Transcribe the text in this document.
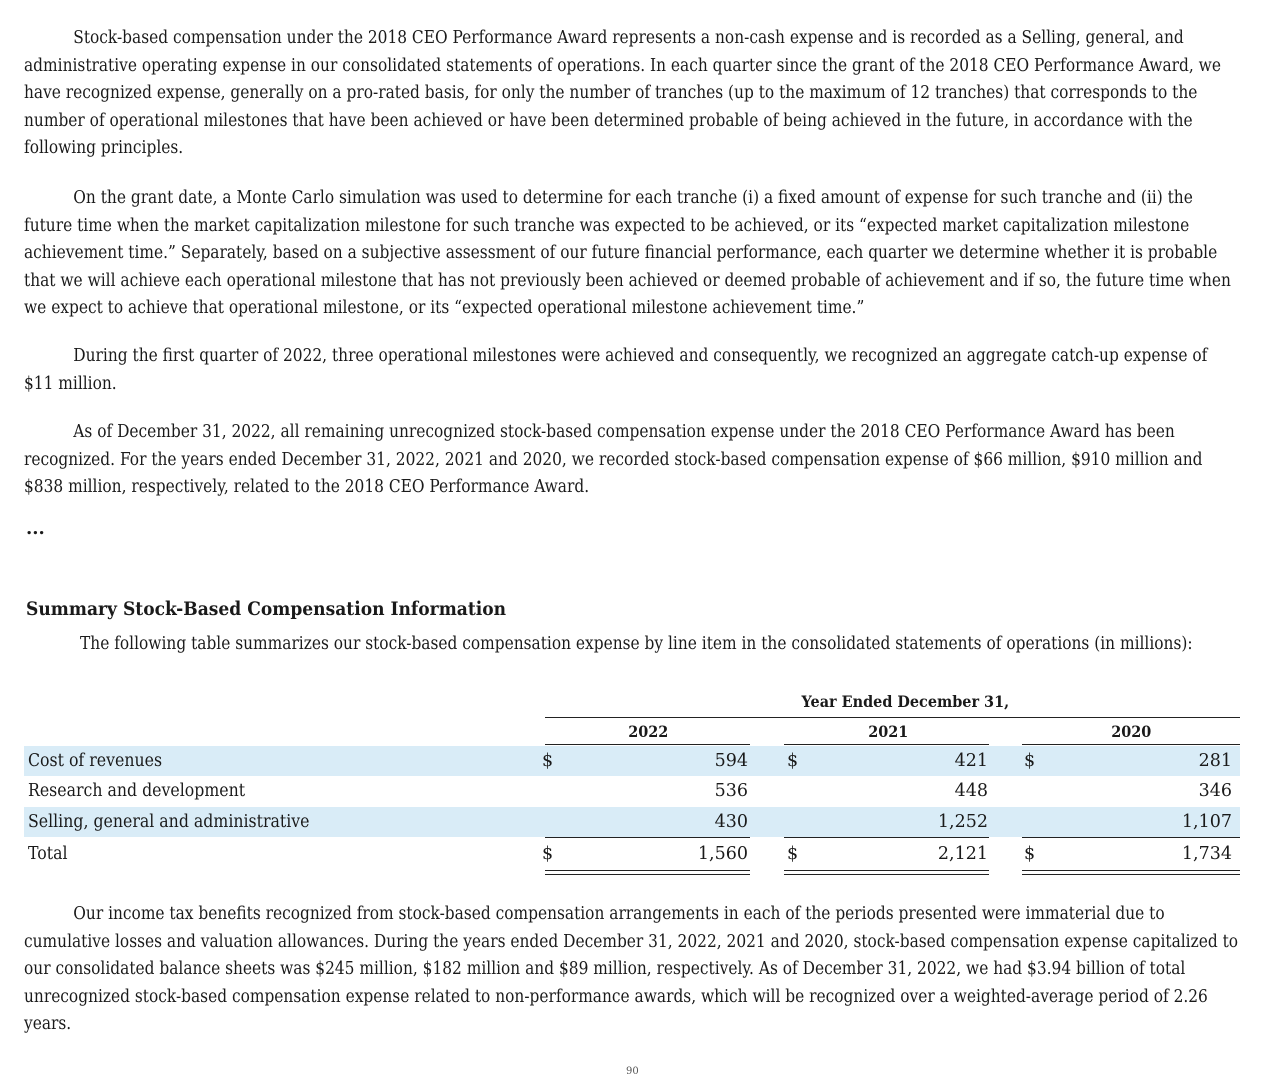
Stock-based compensation under the 2018 CEO Performance Award represents a non-cash expense and is recorded as a Selling, general, and administrative operating expense in our consolidated statements of operations. In each quarter since the grant of the 2018 CEO Performance Award, we have recognized expense, generally on a pro-rated basis, for only the number of tranches (up to the maximum of 12 tranches) that corresponds to the number of operational milestones that have been achieved or have been determined probable of being achieved in the future, in accordance with the following principles.

On the grant date, a Monte Carlo simulation was used to determine for each tranche (i) a fixed amount of expense for such tranche and (ii) the future time when the market capitalization milestone for such tranche was expected to be achieved, or its “expected market capitalization milestone achievement time.” Separately, based on a subjective assessment of our future financial performance, each quarter we determine whether it is probable that we will achieve each operational milestone that has not previously been achieved or deemed probable of achievement and if so, the future time when we expect to achieve that operational milestone, or its “expected operational milestone achievement time.”

During the first quarter of 2022, three operational milestones were achieved and consequently, we recognized an aggregate catch-up expense of $11 million.

As of December 31, 2022, all remaining unrecognized stock-based compensation expense under the 2018 CEO Performance Award has been recognized. For the years ended December 31, 2022, 2021 and 2020, we recorded stock-based compensation expense of $66 million, $910 million and $838 million, respectively, related to the 2018 CEO Performance Award.

...
Summary Stock-Based Compensation Information

The following table summarizes our stock-based compensation expense by line item in the consolidated statements of operations (in millions):

Year Ended December 31,
2022	2021	2020
Cost of revenues	$	594 $	421 $	281
Research and development	536	448	346
Selling, general and administrative	430	1,252	1,107
Total	$	1,560 $	2,121 $	1,734

Our income tax benefits recognized from stock-based compensation arrangements in each of the periods presented were immaterial due to cumulative losses and valuation allowances. During the years ended December 31, 2022, 2021 and 2020, stock-based compensation expense capitalized to our consolidated balance sheets was $245 million, $182 million and $89 million, respectively. As of December 31, 2022, we had $3.94 billion of total unrecognized stock-based compensation expense related to non-performance awards, which will be recognized over a weighted-average period of 2.26 years.

90
